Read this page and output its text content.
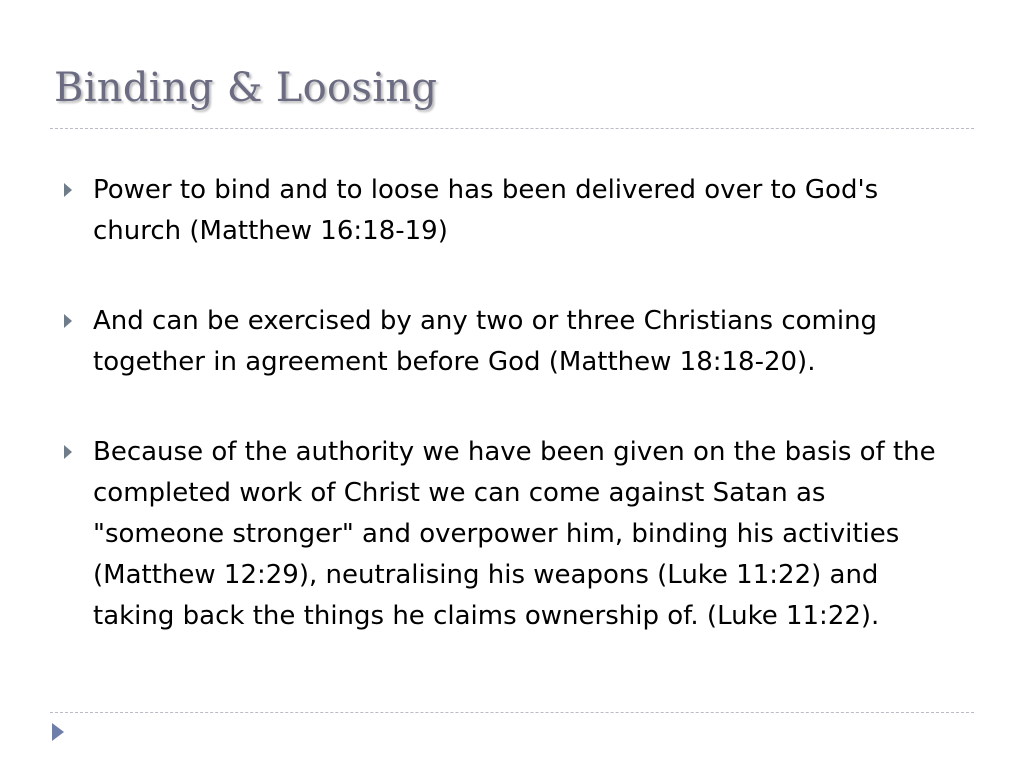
Binding & Loosing
Power to bind and to loose has been delivered over to God's church (Matthew 16:18-19)
And can be exercised by any two or three Christians coming together in agreement before God (Matthew 18:18-20).
Because of the authority we have been given on the basis of the completed work of Christ we can come against Satan as "someone stronger" and overpower him, binding his activities (Matthew 12:29), neutralising his weapons (Luke 11:22) and taking back the things he claims ownership of. (Luke 11:22).
